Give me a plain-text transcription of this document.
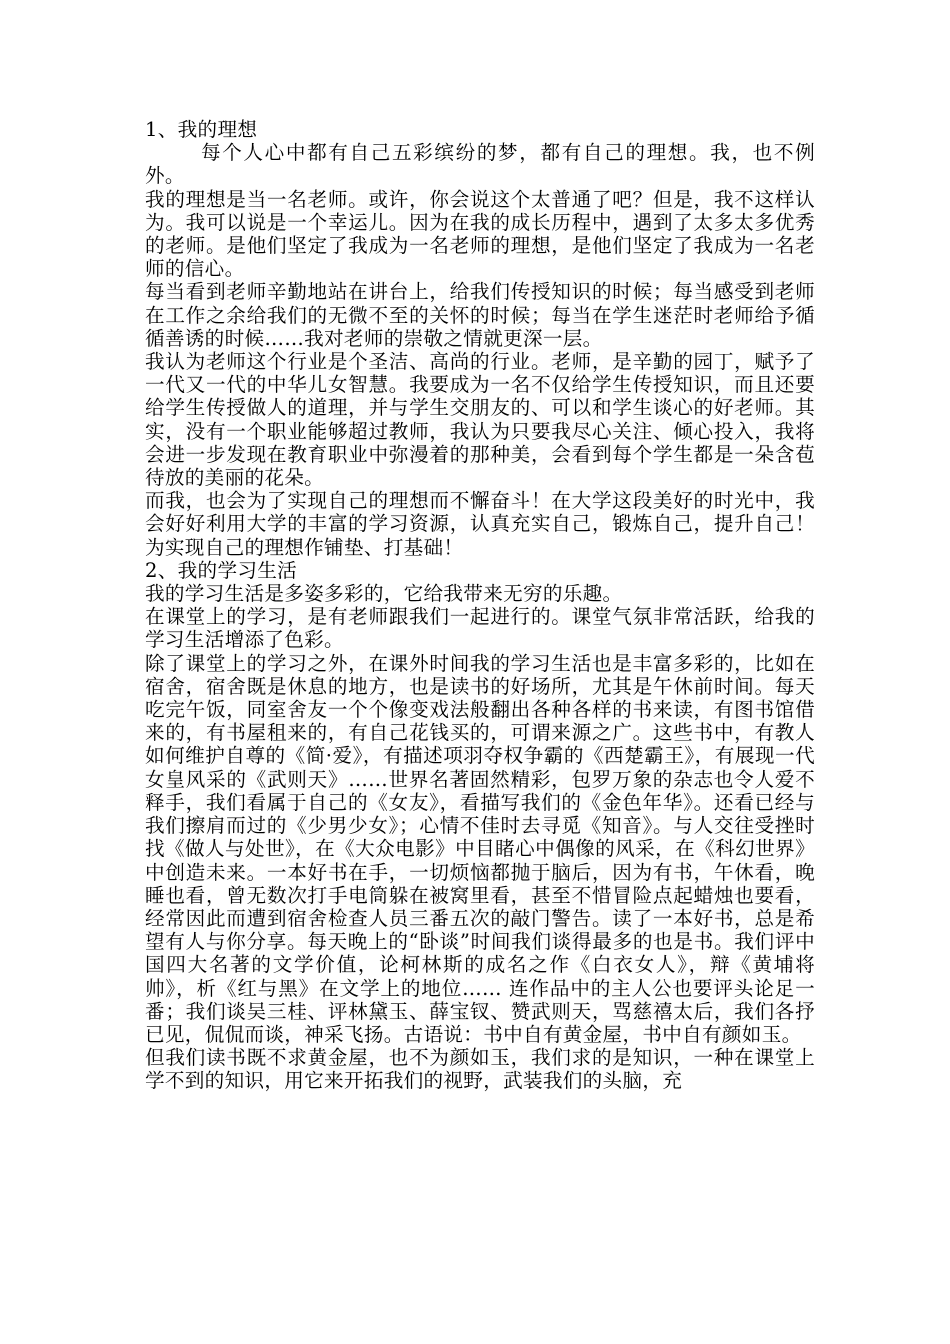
1、我的理想

每个人心中都有自己五彩缤纷的梦，都有自己的理想。我，也不例外。

我的理想是当一名老师。或许，你会说这个太普通了吧？但是，我不这样认为。我可以说是一个幸运儿。因为在我的成长历程中，遇到了太多太多优秀的老师。是他们坚定了我成为一名老师的理想，是他们坚定了我成为一名老师的信心。

每当看到老师辛勤地站在讲台上，给我们传授知识的时候；每当感受到老师在工作之余给我们的无微不至的关怀的时候；每当在学生迷茫时老师给予循循善诱的时候……我对老师的崇敬之情就更深一层。

我认为老师这个行业是个圣洁、高尚的行业。老师，是辛勤的园丁，赋予了一代又一代的中华儿女智慧。我要成为一名不仅给学生传授知识，而且还要给学生传授做人的道理，并与学生交朋友的、可以和学生谈心的好老师。其实，没有一个职业能够超过教师，我认为只要我尽心关注、倾心投入，我将会进一步发现在教育职业中弥漫着的那种美，会看到每个学生都是一朵含苞待放的美丽的花朵。

而我，也会为了实现自己的理想而不懈奋斗！在大学这段美好的时光中，我会好好利用大学的丰富的学习资源，认真充实自己，锻炼自己，提升自己！为实现自己的理想作铺垫、打基础！

2、我的学习生活

我的学习生活是多姿多彩的，它给我带来无穷的乐趣。

在课堂上的学习，是有老师跟我们一起进行的。课堂气氛非常活跃，给我的学习生活增添了色彩。

除了课堂上的学习之外，在课外时间我的学习生活也是丰富多彩的，比如在宿舍，宿舍既是休息的地方，也是读书的好场所，尤其是午休前时间。每天吃完午饭，同室舍友一个个像变戏法般翻出各种各样的书来读，有图书馆借来的，有书屋租来的，有自己花钱买的，可谓来源之广。这些书中，有教人如何维护自尊的《简·爱》，有描述项羽夺权争霸的《西楚霸王》，有展现一代女皇风采的《武则天》……世界名著固然精彩，包罗万象的杂志也令人爱不释手，我们看属于自己的《女友》，看描写我们的《金色年华》。还看已经与我们擦肩而过的《少男少女》；心情不佳时去寻觅《知音》。与人交往受挫时找《做人与处世》，在《大众电影》中目睹心中偶像的风采，在《科幻世界》中创造未来。一本好书在手，一切烦恼都抛于脑后，因为有书，午休看，晚睡也看，曾无数次打手电筒躲在被窝里看，甚至不惜冒险点起蜡烛也要看，经常因此而遭到宿舍检查人员三番五次的敲门警告。读了一本好书，总是希望有人与你分享。每天晚上的“卧谈”时间我们谈得最多的也是书。我们评中国四大名著的文学价值，论柯林斯的成名之作《白衣女人》，辩《黄埔将帅》，析《红与黑》在文学上的地位…… 连作品中的主人公也要评头论足一番；我们谈吴三桂、评林黛玉、薛宝钗、赞武则天，骂慈禧太后，我们各抒已见，侃侃而谈，神采飞扬。古语说：书中自有黄金屋，书中自有颜如玉。

但我们读书既不求黄金屋，也不为颜如玉，我们求的是知识，一种在课堂上学不到的知识，用它来开拓我们的视野，武装我们的头脑，充
